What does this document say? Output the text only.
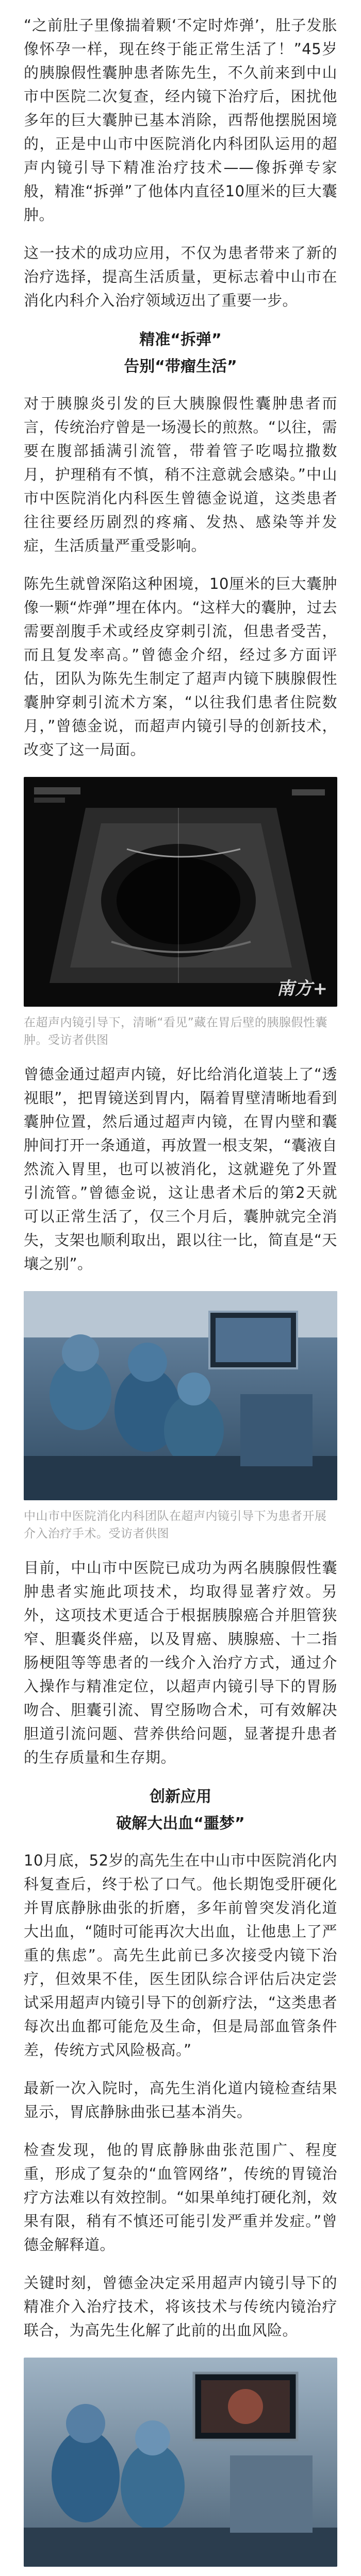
“之前肚子里像揣着颗‘不定时炸弹’，肚子发胀像怀孕一样，现在终于能正常生活了！”45岁的胰腺假性囊肿患者陈先生，不久前来到中山市中医院二次复查，经内镜下治疗后，困扰他多年的巨大囊肿已基本消除，西帮他摆脱困境的，正是中山市中医院消化内科团队运用的超声内镜引导下精准治疗技术——像拆弹专家般，精准“拆弹”了他体内直径10厘米的巨大囊肿。

这一技术的成功应用，不仅为患者带来了新的治疗选择，提高生活质量，更标志着中山市在消化内科介入治疗领域迈出了重要一步。

精准“拆弹”
告别“带瘤生活”

对于胰腺炎引发的巨大胰腺假性囊肿患者而言，传统治疗曾是一场漫长的煎熬。“以往，需要在腹部插满引流管，带着管子吃喝拉撒数月，护理稍有不慎，稍不注意就会感染。”中山市中医院消化内科医生曾德金说道，这类患者往往要经历剧烈的疼痛、发热、感染等并发症，生活质量严重受影响。

陈先生就曾深陷这种困境，10厘米的巨大囊肿像一颗“炸弹”埋在体内。“这样大的囊肿，过去需要剖腹手术或经皮穿刺引流，但患者受苦，而且复发率高。”曾德金介绍，经过多方面评估，团队为陈先生制定了超声内镜下胰腺假性囊肿穿刺引流术方案，“以往我们患者住院数月，”曾德金说，而超声内镜引导的创新技术，改变了这一局面。

南方+

在超声内镜引导下，清晰“看见”藏在胃后壁的胰腺假性囊肿。受访者供图

曾德金通过超声内镜，好比给消化道装上了“透视眼”，把胃镜送到胃内，隔着胃壁清晰地看到囊肿位置，然后通过超声内镜，在胃内壁和囊肿间打开一条通道，再放置一根支架，“囊液自然流入胃里，也可以被消化，这就避免了外置引流管。”曾德金说，这让患者术后的第2天就可以正常生活了，仅三个月后，囊肿就完全消失，支架也顺利取出，跟以往一比，简直是“天壤之别”。

中山市中医院消化内科团队在超声内镜引导下为患者开展介入治疗手术。受访者供图

目前，中山市中医院已成功为两名胰腺假性囊肿患者实施此项技术，均取得显著疗效。另外，这项技术更适合于根据胰腺癌合并胆管狭窄、胆囊炎伴癌，以及胃癌、胰腺癌、十二指肠梗阻等等患者的一线介入治疗方式，通过介入操作与精准定位，以超声内镜引导下的胃肠吻合、胆囊引流、胃空肠吻合术，可有效解决胆道引流问题、营养供给问题，显著提升患者的生存质量和生存期。

创新应用
破解大出血“噩梦”

10月底，52岁的高先生在中山市中医院消化内科复查后，终于松了口气。他长期饱受肝硬化并胃底静脉曲张的折磨，多年前曾突发消化道大出血，“随时可能再次大出血，让他患上了严重的焦虑”。高先生此前已多次接受内镜下治疗，但效果不佳，医生团队综合评估后决定尝试采用超声内镜引导下的创新疗法，“这类患者每次出血都可能危及生命，但是局部血管条件差，传统方式风险极高。”

最新一次入院时，高先生消化道内镜检查结果显示，胃底静脉曲张已基本消失。

检查发现，他的胃底静脉曲张范围广、程度重，形成了复杂的“血管网络”，传统的胃镜治疗方法难以有效控制。“如果单纯打硬化剂，效果有限，稍有不慎还可能引发严重并发症。”曾德金解释道。

关键时刻，曾德金决定采用超声内镜引导下的精准介入治疗技术，将该技术与传统内镜治疗联合，为高先生化解了此前的出血风险。
